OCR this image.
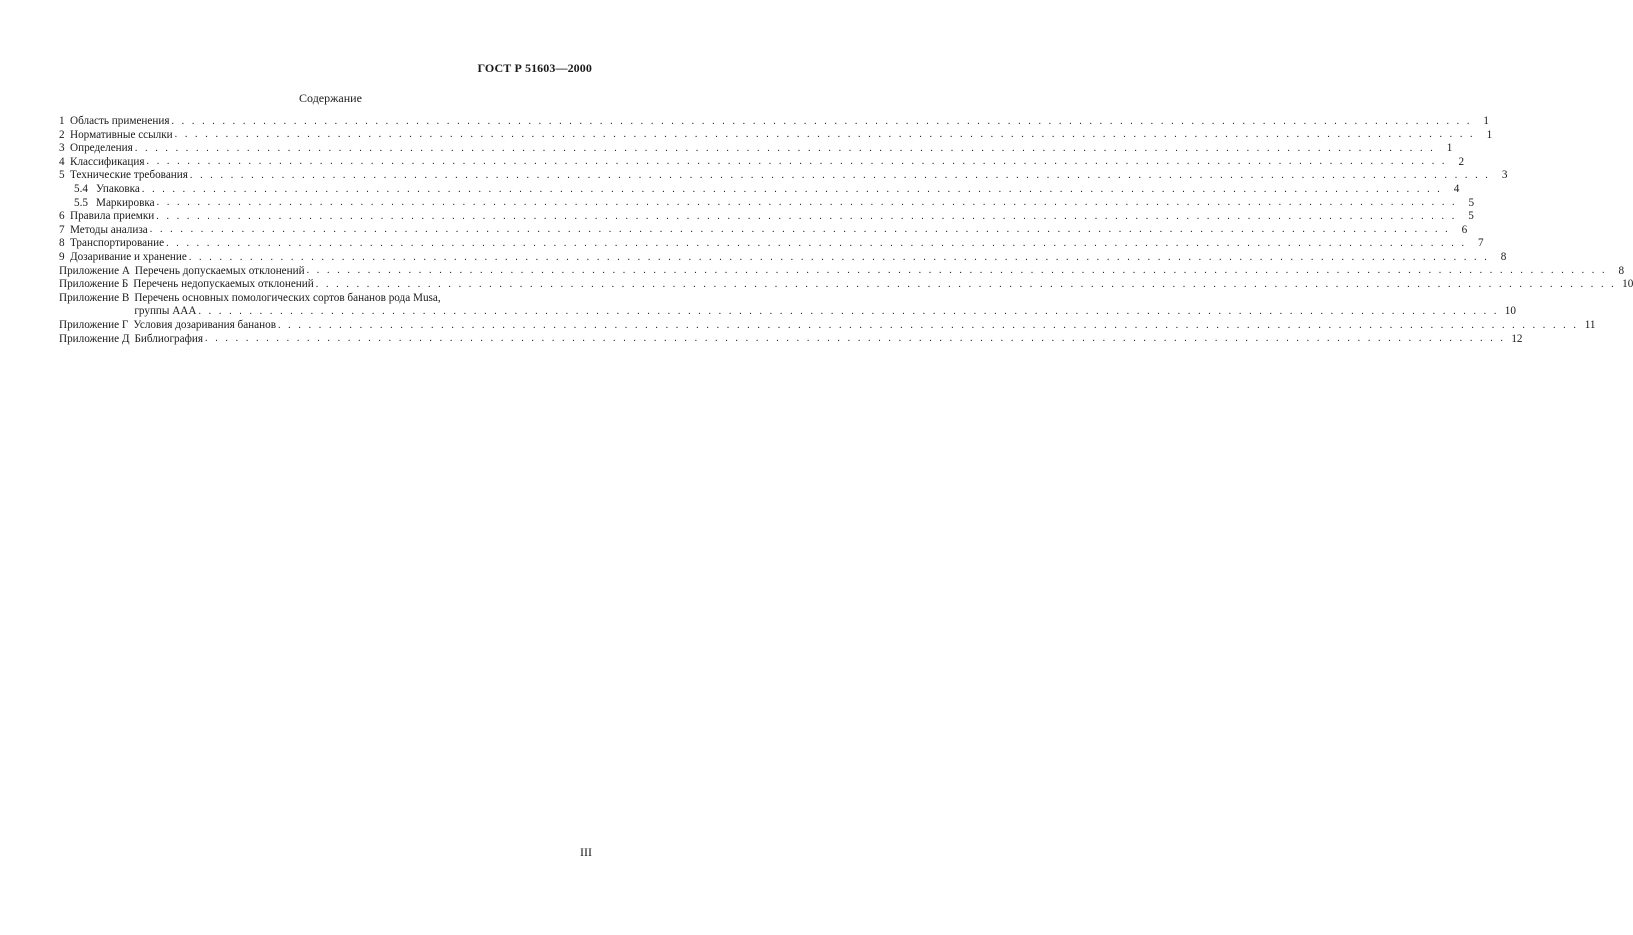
ГОСТ Р 51603—2000
Содержание
1 Область применения . . .	1
2 Нормативные ссылки . . .	1
3 Определения . . .	1
4 Классификация . . .	2
5 Технические требования . . .	3
5.4 Упаковка . . .	4
5.5 Маркировка . . .	5
6 Правила приемки . . .	5
7 Методы анализа . . .	6
8 Транспортирование . . .	7
9 Дозаривание и хранение . . .	8
Приложение А Перечень допускаемых отклонений . . .	8
Приложение Б Перечень недопускаемых отклонений . . .	10
Приложение В Перечень основных помологических сортов бананов рода Musa,
группы ААА . . .	10
Приложение Г Условия дозаривания бананов . . .	11
Приложение Д Библиография . . .	12
III
